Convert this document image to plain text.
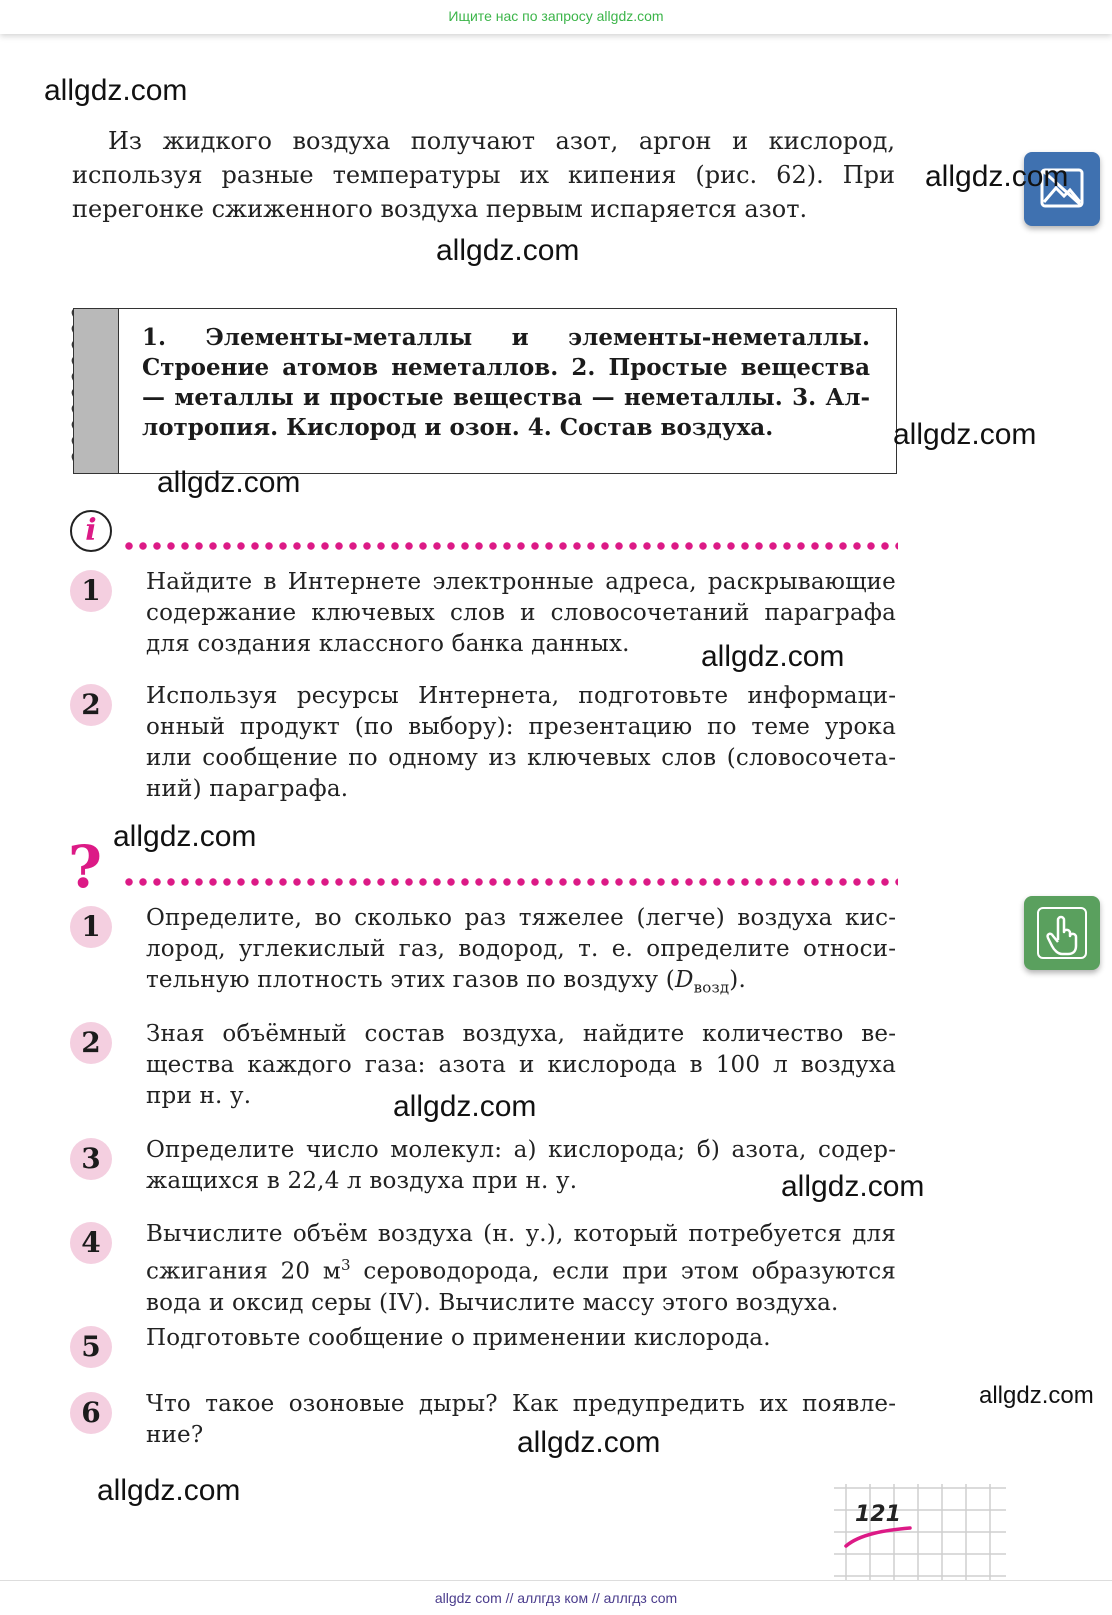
Ищите нас по запросу allgdz.com
allgdz.com
Из жидкого воздуха получают азот, аргон и кислород, используя разные температуры их кипения (рис. 62). При перегонке сжиженного воздуха первым испаряется азот.
allgdz.com
allgdz.com
1. Элементы-металлы и элементы-неметаллы. Строение атомов неметаллов. 2. Простые вещества — металлы и простые вещества — неметаллы. 3. Аллотропия. Кислород и озон. 4. Состав воздуха.	allgdz.com
allgdz.com
i
1	Найдите в Интернете электронные адреса, раскрывающие содержание ключевых слов и словосочетаний параграфа для создания классного банка данных.	allgdz.com
2	Используя ресурсы Интернета, подготовьте информационный продукт (по выбору): презентацию по теме урока или сообщение по одному из ключевых слов (словосочетаний) параграфа.
allgdz.com
?
1	Определите, во сколько раз тяжелее (легче) воздуха кислород, углекислый газ, водород, т. е. определите относительную плотность этих газов по воздуху $(D_{возд})$.
2	Зная объёмный состав воздуха, найдите количество вещества каждого газа: азота и кислорода в 100 л воздуха при н. у.	allgdz.com
3	Определите число молекул: а) кислорода; б) азота, содержащихся в 22,4 л воздуха при н. у.	allgdz.com
4	Вычислите объём воздуха (н. у.), который потребуется для сжигания 20 $м^3$ сероводорода, если при этом образуются вода и оксид серы (IV). Вычислите массу этого воздуха.
5	Подготовьте сообщение о применении кислорода.
6	Что такое озоновые дыры? Как предупредить их появление?
allgdz.com
allgdz.com
allgdz.com
121
allgdz com // аллгдз ком // аллгдз com
